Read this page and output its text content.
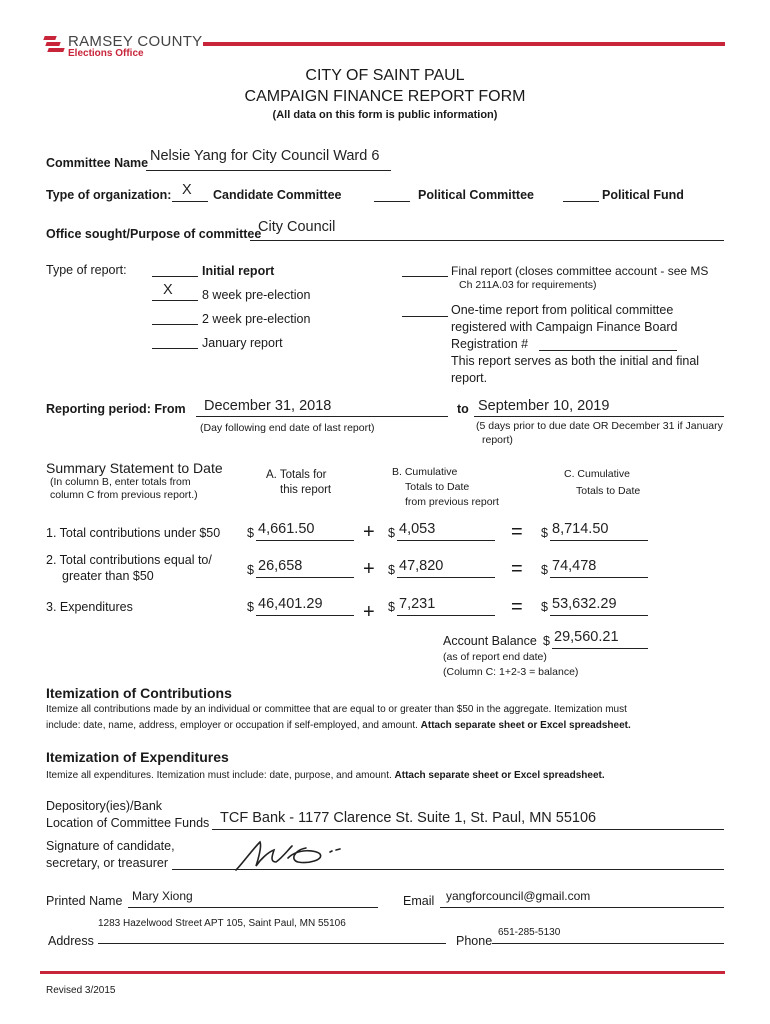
RAMSEY COUNTY
Elections Office
CITY OF SAINT PAUL
CAMPAIGN FINANCE REPORT FORM
(All data on this form is public information)
Committee Name Nelsie Yang for City Council Ward 6
Type of organization: X Candidate Committee	Political Committee	Political Fund
Office sought/Purpose of committee
City Council
Type of report:	Initial report
X 8 week pre-election
2 week pre-election
January report
Final report (closes committee account - see MS
Ch 211A.03 for requirements)
One-time report from political committee
registered with Campaign Finance Board
Registration #
This report serves as both the initial and final
report.
Reporting period: From December 31, 2018	to September 10, 2019
(Day following end date of last report)	(5 days prior to due date OR December 31 if January
report)
Summary Statement to Date
(In column B, enter totals from
column C from previous report.)
A. Totals for
this report
B. Cumulative
Totals to Date
from previous report
C. Cumulative
Totals to Date
1. Total contributions under $50 $ 4,661.50 + $ 4,053	= $ 8,714.50
2. Total contributions equal to/
greater than $50	$ 26,658	+ $ 47,820	= $ 74,478
3. Expenditures	$ 46,401.29 + $ 7,231	= $ 53,632.29
Account Balance $ 29,560.21
(as of report end date)
(Column C: 1+2-3 = balance)
Itemization of Contributions
Itemize all contributions made by an individual or committee that are equal to or greater than $50 in the aggregate. Itemization must
include: date, name, address, employer or occupation if self-employed, and amount. Attach separate sheet or Excel spreadsheet.
Itemization of Expenditures
Itemize all expenditures. Itemization must include: date, purpose, and amount. Attach separate sheet or Excel spreadsheet.
Depository(ies)/Bank
Location of Committee Funds TCF Bank - 1177 Clarence St. Suite 1, St. Paul, MN 55106
Signature of candidate,
secretary, or treasurer
Printed Name Mary Xiong	Email yangforcouncil@gmail.com
1283 Hazelwood Street APT 105, Saint Paul, MN 55106
Address
651-285-5130
Phone
Revised 3/2015
